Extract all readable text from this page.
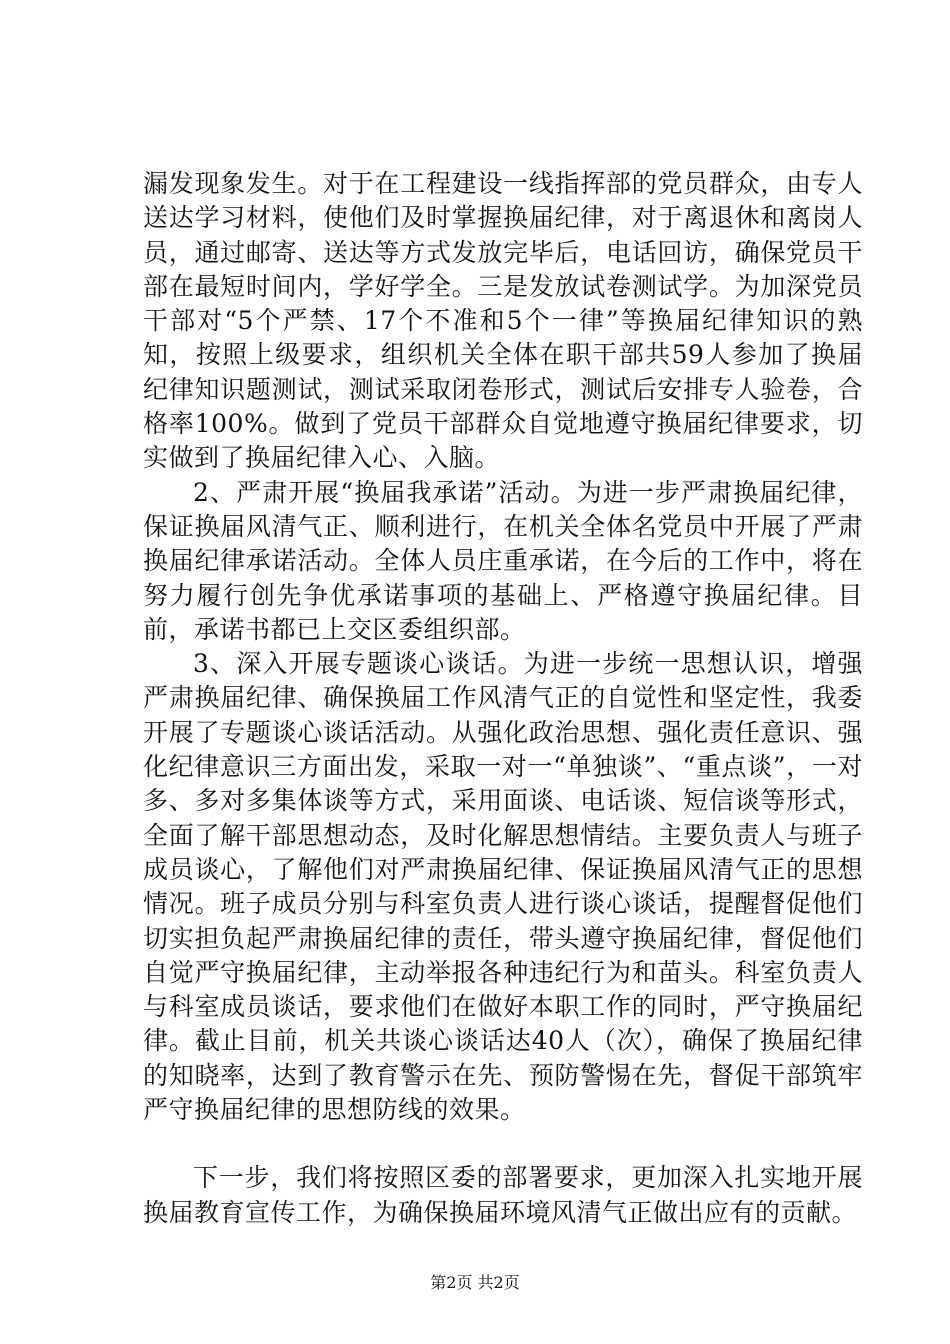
漏发现象发生。对于在工程建设一线指挥部的党员群众，由专人送达学习材料，使他们及时掌握换届纪律，对于离退休和离岗人员，通过邮寄、送达等方式发放完毕后，电话回访，确保党员干部在最短时间内，学好学全。三是发放试卷测试学。为加深党员干部对“5个严禁、17个不准和5个一律”等换届纪律知识的熟知，按照上级要求，组织机关全体在职干部共59人参加了换届纪律知识题测试，测试采取闭卷形式，测试后安排专人验卷，合格率100%。做到了党员干部群众自觉地遵守换届纪律要求，切实做到了换届纪律入心、入脑。

2、严肃开展“换届我承诺”活动。为进一步严肃换届纪律，保证换届风清气正、顺利进行，在机关全体名党员中开展了严肃换届纪律承诺活动。全体人员庄重承诺，在今后的工作中，将在努力履行创先争优承诺事项的基础上、严格遵守换届纪律。目前，承诺书都已上交区委组织部。

3、深入开展专题谈心谈话。为进一步统一思想认识，增强严肃换届纪律、确保换届工作风清气正的自觉性和坚定性，我委开展了专题谈心谈话活动。从强化政治思想、强化责任意识、强化纪律意识三方面出发，采取一对一“单独谈”、“重点谈”，一对多、多对多集体谈等方式，采用面谈、电话谈、短信谈等形式，全面了解干部思想动态，及时化解思想情结。主要负责人与班子成员谈心，了解他们对严肃换届纪律、保证换届风清气正的思想情况。班子成员分别与科室负责人进行谈心谈话，提醒督促他们切实担负起严肃换届纪律的责任，带头遵守换届纪律，督促他们自觉严守换届纪律，主动举报各种违纪行为和苗头。科室负责人与科室成员谈话，要求他们在做好本职工作的同时，严守换届纪律。截止目前，机关共谈心谈话达40人（次），确保了换届纪律的知晓率，达到了教育警示在先、预防警惕在先，督促干部筑牢严守换届纪律的思想防线的效果。

下一步，我们将按照区委的部署要求，更加深入扎实地开展换届教育宣传工作，为确保换届环境风清气正做出应有的贡献。

第2页 共2页
